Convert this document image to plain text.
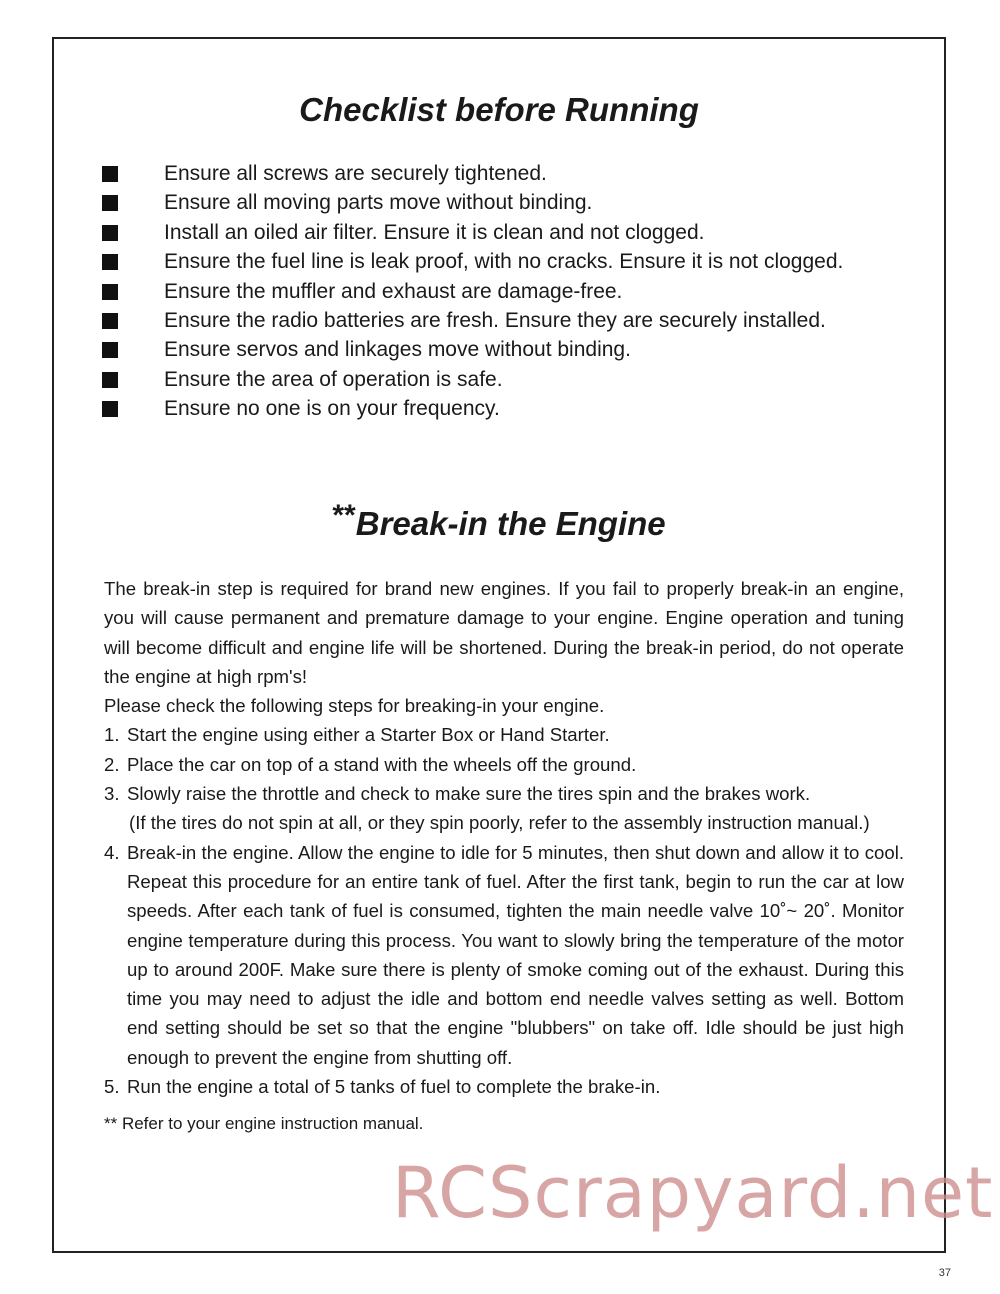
Checklist before Running
Ensure all screws are securely tightened.
Ensure all moving parts move without binding.
Install an oiled air filter. Ensure it is clean and not clogged.
Ensure the fuel line is leak proof, with no cracks. Ensure it is not clogged.
Ensure the muffler and exhaust are damage-free.
Ensure the radio batteries are fresh. Ensure they are securely installed.
Ensure servos and linkages move without binding.
Ensure the area of operation is safe.
Ensure no one is on your frequency.
**Break-in the Engine

The break-in step is required for brand new engines. If you fail to properly break-in an engine, you will cause permanent and premature damage to your engine. Engine operation and tuning will become difficult and engine life will be shortened. During the break-in period, do not operate the engine at high rpm's!

Please check the following steps for breaking-in your engine.

1. Start the engine using either a Starter Box or Hand Starter.
2. Place the car on top of a stand with the wheels off the ground.
3. Slowly raise the throttle and check to make sure the tires spin and the brakes work.
(If the tires do not spin at all, or they spin poorly, refer to the assembly instruction manual.)
4. Break-in the engine. Allow the engine to idle for 5 minutes, then shut down and allow it to cool. Repeat this procedure for an entire tank of fuel. After the first tank, begin to run the car at low speeds. After each tank of fuel is consumed, tighten the main needle valve 10˚~ 20˚. Monitor engine temperature during this process. You want to slowly bring the temperature of the motor up to around 200F. Make sure there is plenty of smoke coming out of the exhaust. During this time you may need to adjust the idle and bottom end needle valves setting as well. Bottom end setting should be set so that the engine "blubbers" on take off. Idle should be just high enough to prevent the engine from shutting off.
5. Run the engine a total of 5 tanks of fuel to complete the brake-in.

** Refer to your engine instruction manual.

RCScrapyard.net
37
